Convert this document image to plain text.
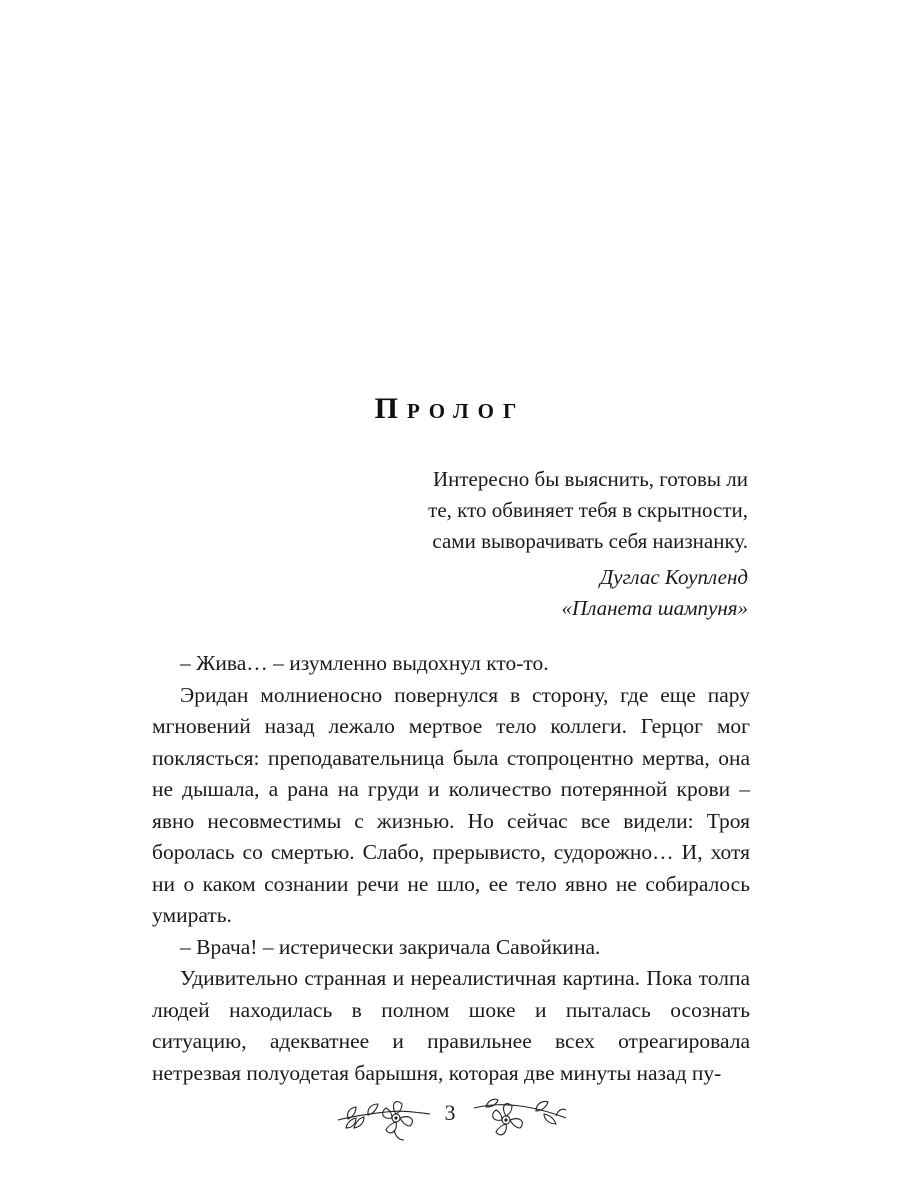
Пролог
Интересно бы выяснить, готовы ли
те, кто обвиняет тебя в скрытности,
сами выворачивать себя наизнанку.
Дуглас Коупленд
«Планета шампуня»

– Жива… – изумленно выдохнул кто-то.

Эридан молниеносно повернулся в сторону, где еще пару мгновений назад лежало мертвое тело коллеги. Герцог мог поклясться: преподавательница была стопроцентно мертва, она не дышала, а рана на груди и количество потерянной крови – явно несовместимы с жизнью. Но сейчас все видели: Троя боролась со смертью. Слабо, прерывисто, судорожно… И, хотя ни о каком сознании речи не шло, ее тело явно не собиралось умирать.

– Врача! – истерически закричала Савойкина.

Удивительно странная и нереалистичная картина. Пока толпа людей находилась в полном шоке и пыталась осознать ситуацию, адекватнее и правильнее всех отреагировала нетрезвая полуодетая барышня, которая две минуты назад пу-

3
